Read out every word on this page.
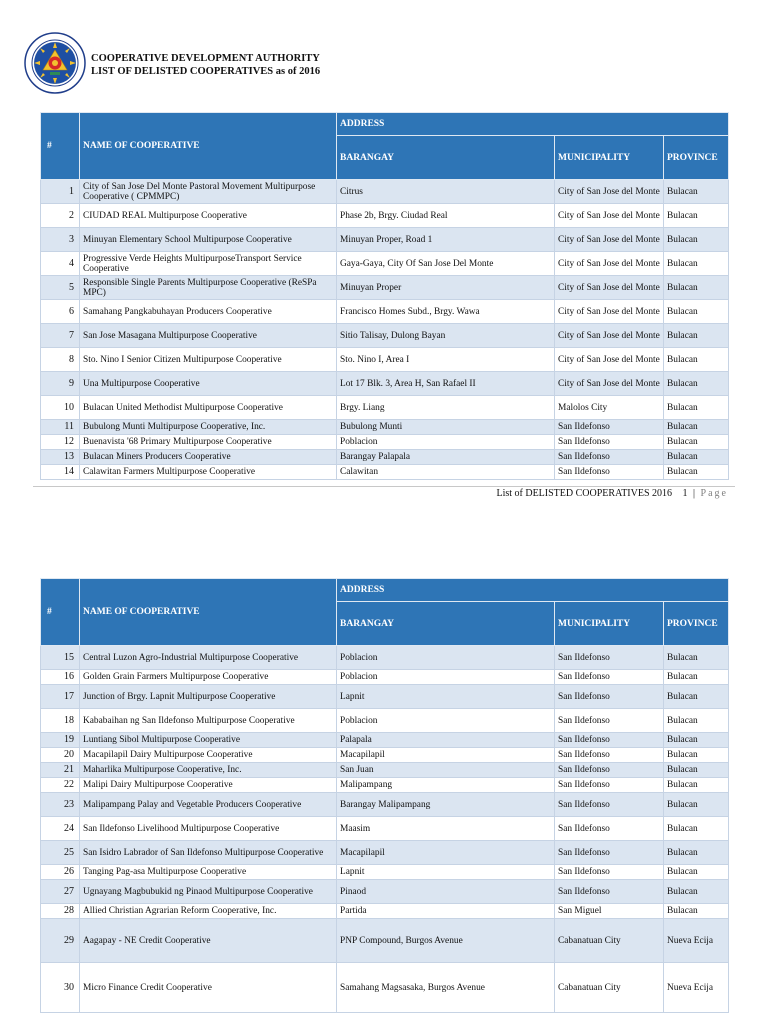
COOPERATIVE DEVELOPMENT AUTHORITY
LIST OF DELISTED COOPERATIVES as of 2016
#	NAME OF COOPERATIVE	ADDRESS		
		BARANGAY	MUNICIPALITY	PROVINCE
1	City of San Jose Del Monte Pastoral Movement Multipurpose Cooperative ( CPMMPC)	Citrus	City of San Jose del Monte	Bulacan
2	CIUDAD REAL Multipurpose Cooperative	Phase 2b, Brgy. Ciudad Real	City of San Jose del Monte	Bulacan
3	Minuyan Elementary School Multipurpose Cooperative	Minuyan Proper, Road 1	City of San Jose del Monte	Bulacan
4	Progressive Verde Heights MultipurposeTransport Service Cooperative	Gaya-Gaya, City Of San Jose Del Monte	City of San Jose del Monte	Bulacan
5	Responsible Single Parents Multipurpose Cooperative (ReSPa MPC)	Minuyan Proper	City of San Jose del Monte	Bulacan
6	Samahang Pangkabuhayan Producers Cooperative	Francisco Homes Subd., Brgy. Wawa	City of San Jose del Monte	Bulacan
7	San Jose Masagana Multipurpose Cooperative	Sitio Talisay, Dulong Bayan	City of San Jose del Monte	Bulacan
8	Sto. Nino I Senior Citizen Multipurpose Cooperative	Sto. Nino I, Area I	City of San Jose del Monte	Bulacan
9	Una Multipurpose Cooperative	Lot 17 Blk. 3, Area H, San Rafael II	City of San Jose del Monte	Bulacan
10	Bulacan United Methodist Multipurpose Cooperative	Brgy. Liang	Malolos City	Bulacan
11	Bubulong Munti Multipurpose Cooperative, Inc.	Bubulong Munti	San Ildefonso	Bulacan
12	Buenavista '68 Primary Multipurpose Cooperative	Poblacion	San Ildefonso	Bulacan
13	Bulacan Miners Producers Cooperative	Barangay Palapala	San Ildefonso	Bulacan
14	Calawitan Farmers Multipurpose Cooperative	Calawitan	San Ildefonso	Bulacan
List of DELISTED COOPERATIVES 2016 1 | Page
#	NAME OF COOPERATIVE	ADDRESS		
		BARANGAY	MUNICIPALITY	PROVINCE
15	Central Luzon Agro-Industrial Multipurpose Cooperative	Poblacion	San Ildefonso	Bulacan
16	Golden Grain Farmers Multipurpose Cooperative	Poblacion	San Ildefonso	Bulacan
17	Junction of Brgy. Lapnit Multipurpose Cooperative	Lapnit	San Ildefonso	Bulacan
18	Kababaihan ng San Ildefonso Multipurpose Cooperative	Poblacion	San Ildefonso	Bulacan
19	Luntiang Sibol Multipurpose Cooperative	Palapala	San Ildefonso	Bulacan
20	Macapilapil Dairy Multipurpose Cooperative	Macapilapil	San Ildefonso	Bulacan
21	Maharlika Multipurpose Cooperative, Inc.	San Juan	San Ildefonso	Bulacan
22	Malipi Dairy Multipurpose Cooperative	Malipampang	San Ildefonso	Bulacan
23	Malipampang Palay and Vegetable Producers Cooperative	Barangay Malipampang	San Ildefonso	Bulacan
24	San Ildefonso Livelihood Multipurpose Cooperative	Maasim	San Ildefonso	Bulacan
25	San Isidro Labrador of San Ildefonso Multipurpose Cooperative	Macapilapil	San Ildefonso	Bulacan
26	Tanging Pag-asa Multipurpose Cooperative	Lapnit	San Ildefonso	Bulacan
27	Ugnayang Magbubukid ng Pinaod Multipurpose Cooperative	Pinaod	San Ildefonso	Bulacan
28	Allied Christian Agrarian Reform Cooperative, Inc.	Partida	San Miguel	Bulacan
29	Aagapay - NE Credit Cooperative	PNP Compound, Burgos Avenue	Cabanatuan City	Nueva Ecija
30	Micro Finance Credit Cooperative	Samahang Magsasaka, Burgos Avenue	Cabanatuan City	Nueva Ecija
